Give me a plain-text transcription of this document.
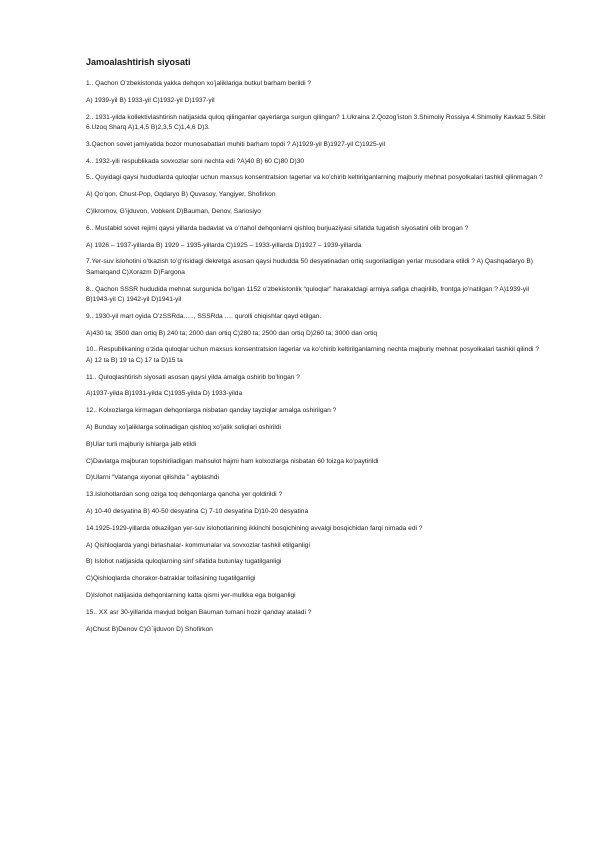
Jamoalashtirish siyosati
1.. Qachon O’zbekistonda yakka dehqon xo’jaliklariga butkul barham berildi ?
A) 1939-yil B) 1933-yil C)1932-yil D)1937-yil
2.. 1931-yilda kollektivlashtirish natijasida quloq qilinganlar qayerlarga surgun qilingan? 1.Ukraina 2.Qozog’iston 3.Shimoliy Rossiya 4.Shimoliy Kavkaz 5.Sibir 6.Uzoq Sharq A)1,4,5 B)2,3,5 C)1,4,6 D)3.
3.Qachon sovet jamiyatida bozor munosabatlari muhiti barham topdi ? A)1929-yil B)1927-yil C)1925-yil
4.. 1932-yili respublikada sovxozlar soni nechta edi ?A)40 B) 60 C)80 D)30
5.. Quyidagi qaysi hududlarda quloqlar uchun maxsus konsentratsion lagerlar va ko’chirib keltirilganlarning majburiy mehnat posyolkalari tashkil qilinmagan ?
A) Qo’qon, Chust-Pop, Oqdaryo B) Quvasoy, Yangiyer, Shofirkon
C)Ikromov, G’ijduvon, Vobkent D)Bauman, Denov, Sariosiyo
6.. Mustabid sovet rejimi qaysi yillarda badavlat va o’rtahol dehqonlarni qishloq burjuaziyasi sifatida tugatish siyosatini olib brogan ?
A) 1926 – 1937-yillarda B) 1929 – 1935-yillarda C)1925 – 1933-yillarda D)1927 – 1939-yillarda
7.Yer-suv islohotini o’tkazish to’g’risidagi dekretga asosan qaysi hududda 50 desyatinadan ortiq sugoriladigan yerlar musodara etildi ? A) Qashqadaryo B) Samarqand C)Xorazm D)Fargona
8.. Qachon SSSR hududida mehnat surgunida bo’lgan 1152 o’zbekistonlik “quloqlar” harakatdagi armiya safiga chaqirilib, frontga jo’natilgan ? A)1939-yil B)1943-yil C) 1942-yil D)1941-yil
9.. 1930-yil mart oyida O’zSSRda….., SSSRda …. qurolli chiqishlar qayd etilgan.
A)430 ta; 3500 dan ortiq B) 240 ta; 2000 dan ortiq C)280 ta; 2500 dan ortiq D)260 ta; 3000 dan ortiq
10.. Respublikaning o’zida quloqlar uchun maxsus konsentratsion lagerlar va ko’chirib keltirilganlarning nechta majburiy mehnat posyolkalari tashkil qilindi ? A) 12 ta B) 19 ta C) 17 ta D)15 ta
11.. Quloqlashtirish siyosati asosan qaysi yilda amalga oshirib bo’lingan ?
A)1937-yilda B)1931-yilda C)1935-yilda D) 1933-yilda
12.. Kolxozlarga kirmagan dehqonlarga nisbatan qanday tayziqlar amalga oshirilgan ?
A) Bunday xo’jaliklarga solinadigan qishloq xo’jalik soliqlari oshirildi
B)Ular turli majburiy ishlarga jalb etildi
C)Davlatga majburan topshiriladigan mahsulot hajmi ham kolxozlarga nisbatan 60 foizga ko’paytirildi
D)Ularni “Vatanga xiyonat qilishda ” ayblashdi
13.Islohotlardan song oziga toq dehqonlarga qancha yer qoldirildi ?
A) 10-40 desyatina B) 40-50 desyatina C) 7-10 desyatina D)10-20 desyatina
14.1925-1929-yillarda otkazilgan yer-suv islohotlarining ikkinchi bosqichining avvalgi bosqichidan farqi nimada edi ?
A) Qishloqlarda yangi birlashalar- kommunalar va sovxozlar tashkil etilganligi
B) Islohot natijasida quloqlarning sinf sifatida butunlay tugatilganligi
C)Qishloqlarda chorakor-batraklar toifasining tugatilganligi
D)Islohot natijasida dehqonlarning katta qismi yer-mulkka ega bolganligi
15.. XX asr 30-yillarida mavjud bolgan Bauman tumani hozir qanday ataladi ?
A)Chust B)Denov C)G`ijduvon D) Shofirkon
